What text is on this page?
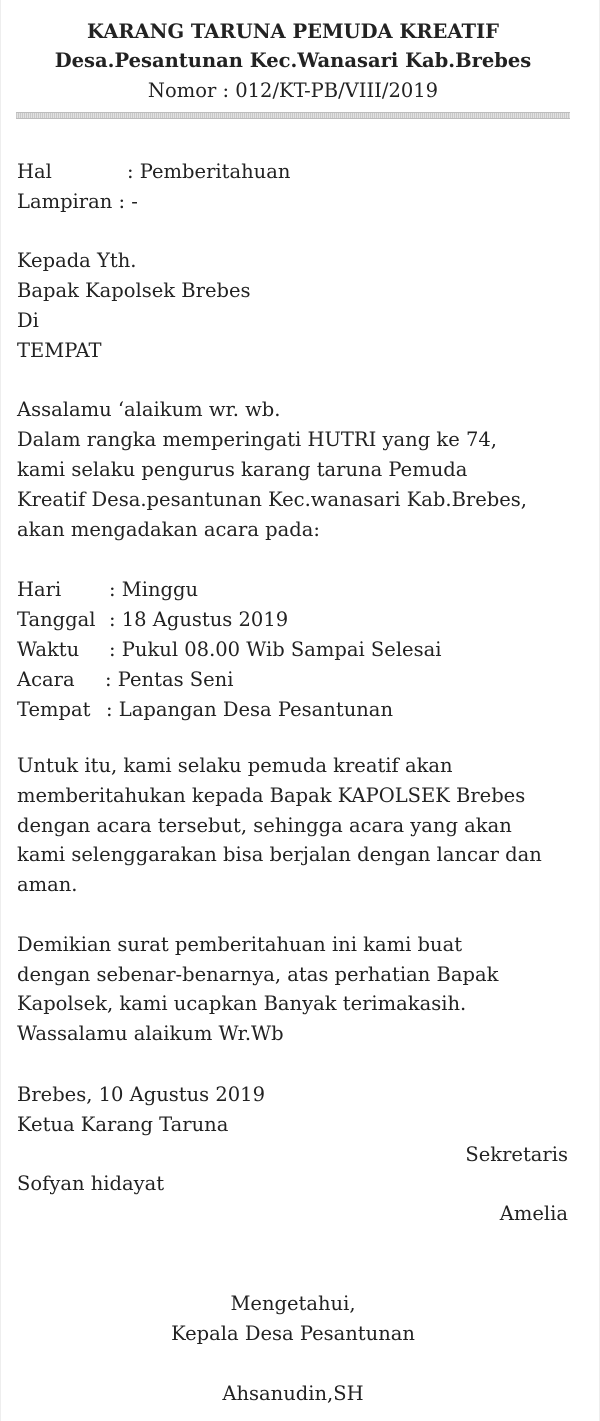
KARANG TARUNA PEMUDA KREATIF
Desa.Pesantunan Kec.Wanasari Kab.Brebes
Nomor : 012/KT-PB/VIII/2019
Hal	: Pemberitahuan
Lampiran : -
Kepada Yth.
Bapak Kapolsek Brebes
Di
TEMPAT
Assalamu ‘alaikum wr. wb.
Dalam rangka memperingati HUTRI yang ke 74,
kami selaku pengurus karang taruna Pemuda
Kreatif Desa.pesantunan Kec.wanasari Kab.Brebes,
akan mengadakan acara pada:
Hari : Minggu
Tanggal : 18 Agustus 2019
Waktu : Pukul 08.00 Wib Sampai Selesai
Acara : Pentas Seni
Tempat : Lapangan Desa Pesantunan
Untuk itu, kami selaku pemuda kreatif akan
memberitahukan kepada Bapak KAPOLSEK Brebes
dengan acara tersebut, sehingga acara yang akan
kami selenggarakan bisa berjalan dengan lancar dan
aman.
Demikian surat pemberitahuan ini kami buat
dengan sebenar-benarnya, atas perhatian Bapak
Kapolsek, kami ucapkan Banyak terimakasih.
Wassalamu alaikum Wr.Wb
Brebes, 10 Agustus 2019
Ketua Karang Taruna
Sekretaris
Sofyan hidayat
Amelia
Mengetahui,
Kepala Desa Pesantunan
Ahsanudin,SH
